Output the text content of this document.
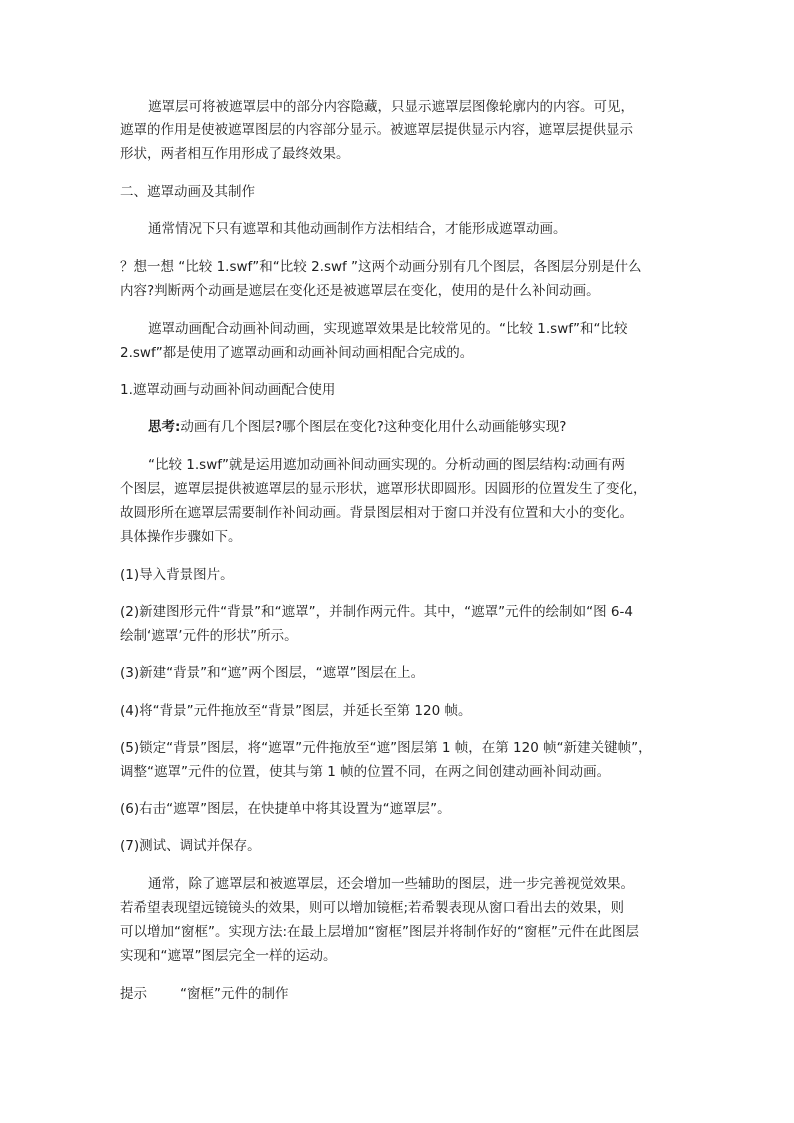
遮罩层可将被遮罩层中的部分内容隐藏，只显示遮罩层图像轮廓内的内容。可见，
遮罩的作用是使被遮罩图层的内容部分显示。被遮罩层提供显示内容，遮罩层提供显示
形状，两者相互作用形成了最终效果。
二、遮罩动画及其制作
通常情况下只有遮罩和其他动画制作方法相结合，才能形成遮罩动画。
？想一想 “比较 1.swf”和“比较 2.swf ”这两个动画分别有几个图层，各图层分别是什么
内容?判断两个动画是遮层在变化还是被遮罩层在变化，使用的是什么补间动画。
遮罩动画配合动画补间动画，实现遮罩效果是比较常见的。“比较 1.swf”和“比较
2.swf”都是使用了遮罩动画和动画补间动画相配合完成的。
1.遮罩动画与动画补间动画配合使用
思考:动画有几个图层?哪个图层在变化?这种变化用什么动画能够实现?
“比较 1.swf”就是运用遮加动画补间动画实现的。分析动画的图层结构:动画有两
个图层，遮罩层提供被遮罩层的显示形状，遮罩形状即圆形。因圆形的位置发生了变化，
故圆形所在遮罩层需要制作补间动画。背景图层相对于窗口并没有位置和大小的变化。
具体操作步骤如下。
(1)导入背景图片。
(2)新建图形元件“背景”和“遮罩”，并制作两元件。其中，“遮罩”元件的绘制如“图 6-4
绘制‘遮罩’元件的形状”所示。
(3)新建“背景”和“遮”两个图层，“遮罩”图层在上。
(4)将“背景”元件拖放至“背景”图层，并延长至第 120 帧。
(5)锁定“背景”图层，将“遮罩”元件拖放至“遮”图层第 1 帧，在第 120 帧“新建关键帧”，
调整“遮罩”元件的位置，使其与第 1 帧的位置不同，在两之间创建动画补间动画。
(6)右击“遮罩”图层，在快捷单中将其设置为“遮罩层”。
(7)测试、调试并保存。
通常，除了遮罩层和被遮罩层，还会增加一些辅助的图层，进一步完善视觉效果。
若希望表现望远镜镜头的效果，则可以增加镜框;若希製表现从窗口看出去的效果，则
可以增加“窗框”。实现方法:在最上层增加“窗框”图层并将制作好的“窗框”元件在此图层
实现和“遮罩”图层完全一样的运动。
提示 “窗框”元件的制作
